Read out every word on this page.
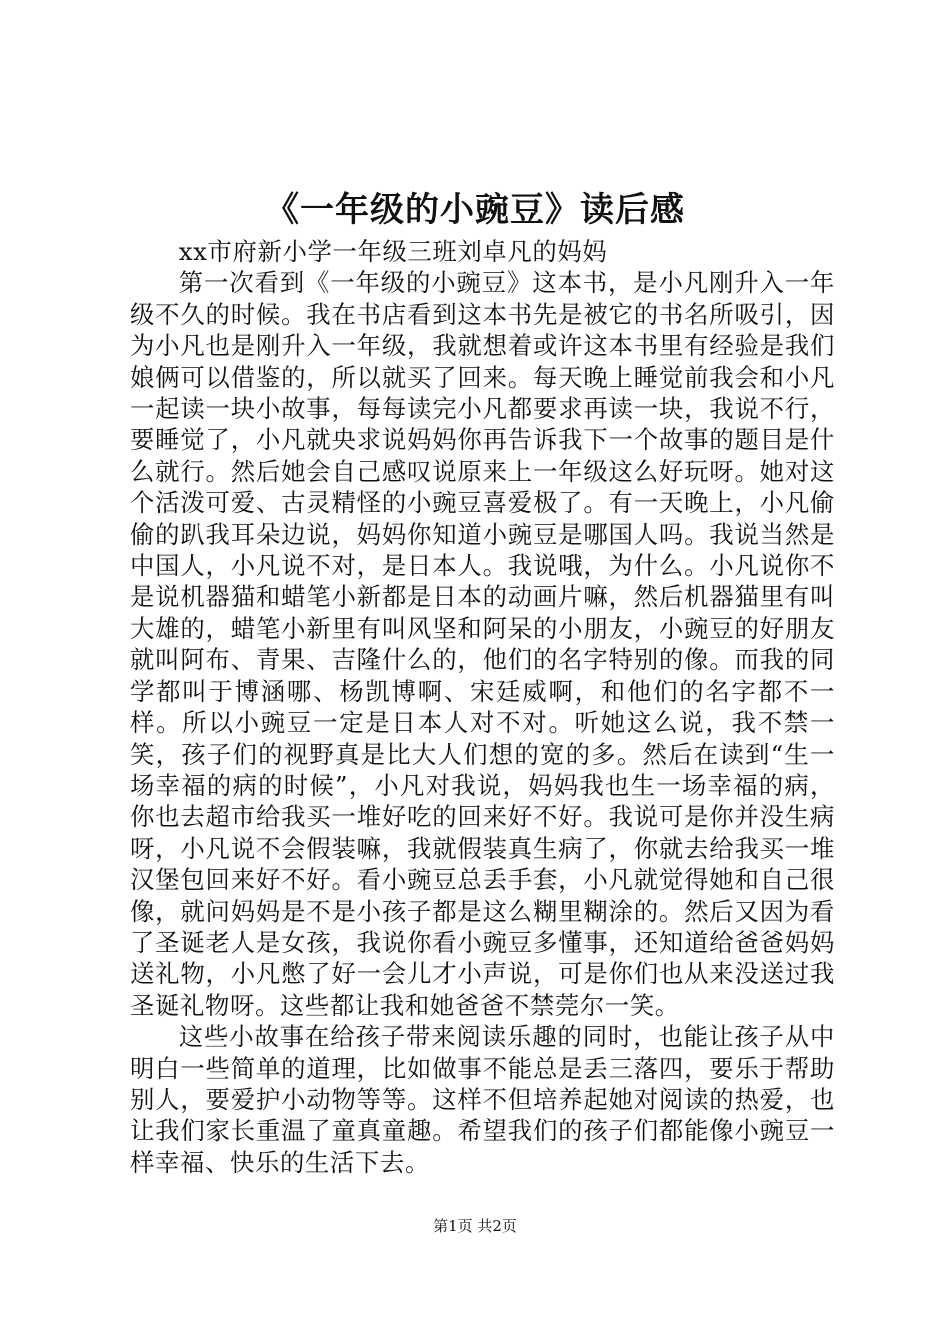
《一年级的小豌豆》读后感

xx市府新小学一年级三班刘卓凡的妈妈

第一次看到《一年级的小豌豆》这本书，是小凡刚升入一年级不久的时候。我在书店看到这本书先是被它的书名所吸引，因为小凡也是刚升入一年级，我就想着或许这本书里有经验是我们娘俩可以借鉴的，所以就买了回来。每天晚上睡觉前我会和小凡一起读一块小故事，每每读完小凡都要求再读一块，我说不行，要睡觉了，小凡就央求说妈妈你再告诉我下一个故事的题目是什么就行。然后她会自己感叹说原来上一年级这么好玩呀。她对这个活泼可爱、古灵精怪的小豌豆喜爱极了。有一天晚上，小凡偷偷的趴我耳朵边说，妈妈你知道小豌豆是哪国人吗。我说当然是中国人，小凡说不对，是日本人。我说哦，为什么。小凡说你不是说机器猫和蜡笔小新都是日本的动画片嘛，然后机器猫里有叫大雄的，蜡笔小新里有叫风坚和阿呆的小朋友，小豌豆的好朋友就叫阿布、青果、吉隆什么的，他们的名字特别的像。而我的同学都叫于博涵哪、杨凯博啊、宋廷威啊，和他们的名字都不一样。所以小豌豆一定是日本人对不对。听她这么说，我不禁一笑，孩子们的视野真是比大人们想的宽的多。然后在读到“生一场幸福的病的时候”，小凡对我说，妈妈我也生一场幸福的病，你也去超市给我买一堆好吃的回来好不好。我说可是你并没生病呀，小凡说不会假装嘛，我就假装真生病了，你就去给我买一堆汉堡包回来好不好。看小豌豆总丢手套，小凡就觉得她和自己很像，就问妈妈是不是小孩子都是这么糊里糊涂的。然后又因为看了圣诞老人是女孩，我说你看小豌豆多懂事，还知道给爸爸妈妈送礼物，小凡憋了好一会儿才小声说，可是你们也从来没送过我圣诞礼物呀。这些都让我和她爸爸不禁莞尔一笑。

这些小故事在给孩子带来阅读乐趣的同时，也能让孩子从中明白一些简单的道理，比如做事不能总是丢三落四，要乐于帮助别人，要爱护小动物等等。这样不但培养起她对阅读的热爱，也让我们家长重温了童真童趣。希望我们的孩子们都能像小豌豆一样幸福、快乐的生活下去。

第1页 共2页
